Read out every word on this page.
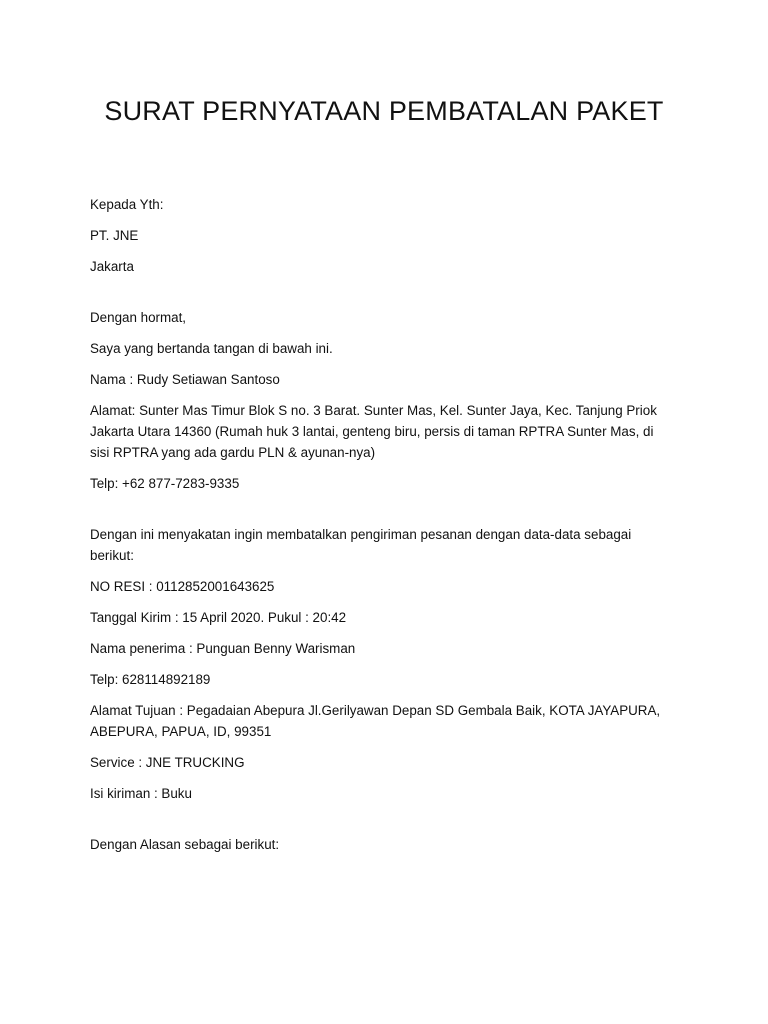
SURAT PERNYATAAN PEMBATALAN PAKET

Kepada Yth:

PT. JNE

Jakarta

Dengan hormat,

Saya yang bertanda tangan di bawah ini.

Nama : Rudy Setiawan Santoso

Alamat: Sunter Mas Timur Blok S no. 3 Barat. Sunter Mas, Kel. Sunter Jaya, Kec. Tanjung Priok Jakarta Utara 14360 (Rumah huk 3 lantai, genteng biru, persis di taman RPTRA Sunter Mas, di sisi RPTRA yang ada gardu PLN & ayunan-nya)

Telp: +62 877-7283-9335

Dengan ini menyakatan ingin membatalkan pengiriman pesanan dengan data-data sebagai berikut:

NO RESI : 0112852001643625

Tanggal Kirim : 15 April 2020. Pukul : 20:42

Nama penerima : Punguan Benny Warisman

Telp: 628114892189

Alamat Tujuan : Pegadaian Abepura Jl.Gerilyawan Depan SD Gembala Baik, KOTA JAYAPURA, ABEPURA, PAPUA, ID, 99351

Service : JNE TRUCKING

Isi kiriman : Buku

Dengan Alasan sebagai berikut:
